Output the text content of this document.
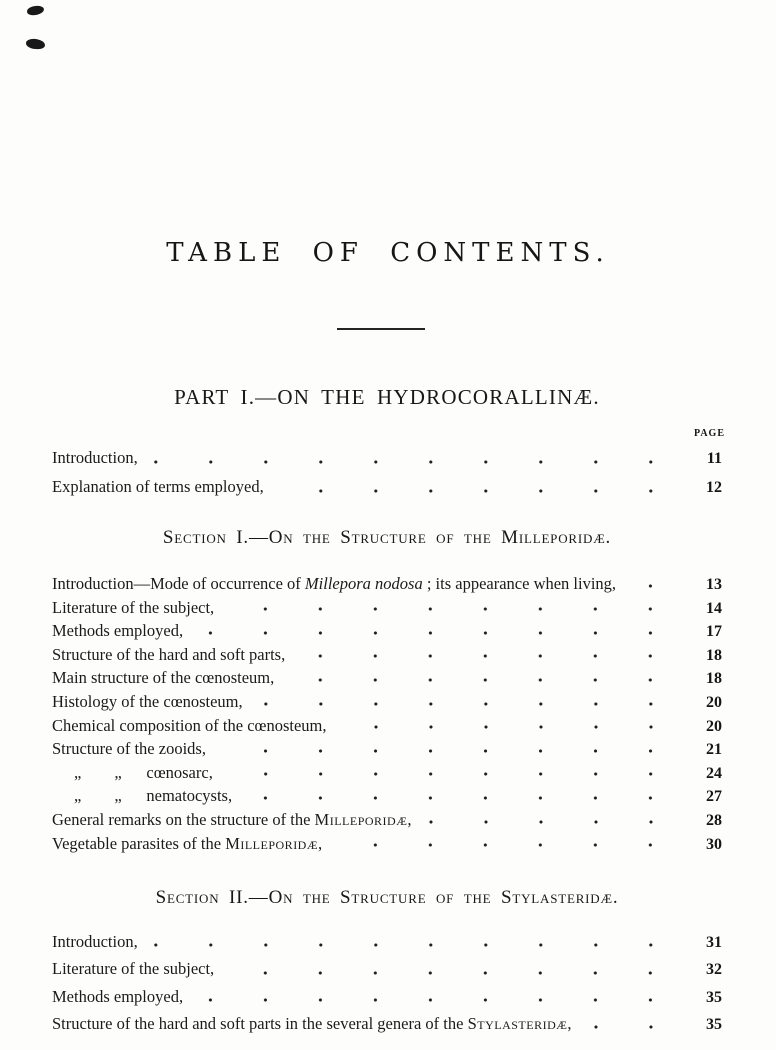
TABLE OF CONTENTS.
PART I.—ON THE HYDROCORALLINÆ.
PAGE
Introduction,	11
Explanation of terms employed,	12
Section I.—On the Structure of the Milleporidæ.
Introduction—Mode of occurrence of Millepora nodosa ; its appearance when living,	13
Literature of the subject,	14
Methods employed,	17
Structure of the hard and soft parts,	18
Main structure of the cœnosteum,	18
Histology of the cœnosteum,	20
Chemical composition of the cœnosteum,	20
Structure of the zooids,	21
„  „  cœnosarc,	24
„  „  nematocysts,	27
General remarks on the structure of the Milleporidæ,	28
Vegetable parasites of the Milleporidæ,	30
Section II.—On the Structure of the Stylasteridæ.
Introduction,	31
Literature of the subject,	32
Methods employed,	35
Structure of the hard and soft parts in the several genera of the Stylasteridæ,	35
